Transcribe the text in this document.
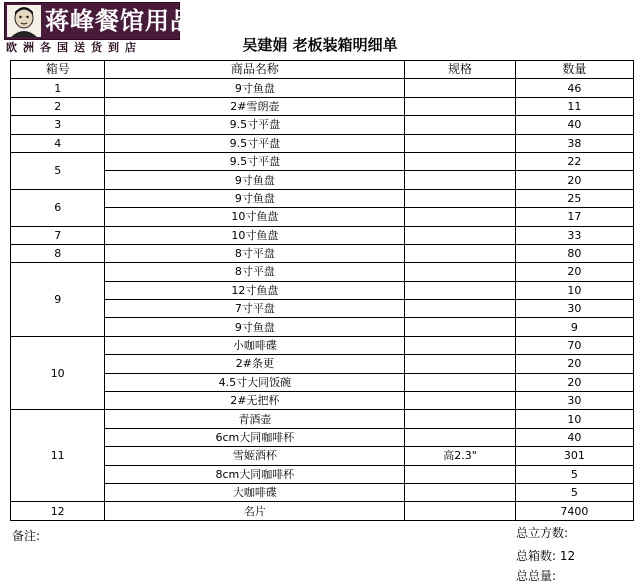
蒋峰餐馆用品
欧洲各国送货到店	吴建娟 老板装箱明细单
箱号	商品名称	规格	数量
1	9寸鱼盘		46
2	2#雪朗壶		11
3	9.5寸平盘		40
4	9.5寸平盘		38
5	9.5寸平盘		22
	9寸鱼盘		20
6	9寸鱼盘		25
	10寸鱼盘		17
7	10寸鱼盘		33
8	8寸平盘		80
9	8寸平盘		20
	12寸鱼盘		10
	7寸平盘		30
	9寸鱼盘		9
10	小咖啡碟		70
	2#条更		20
	4.5寸大同饭碗		20
	2#无把杯		30
11	青酒壶		10
	6cm大同咖啡杯		40
	雪姬酒杯	高2.3"	301
	8cm大同咖啡杯		5
	大咖啡碟		5
12	名片		7400
备注:	总立方数:
总箱数: 12
总总量:
